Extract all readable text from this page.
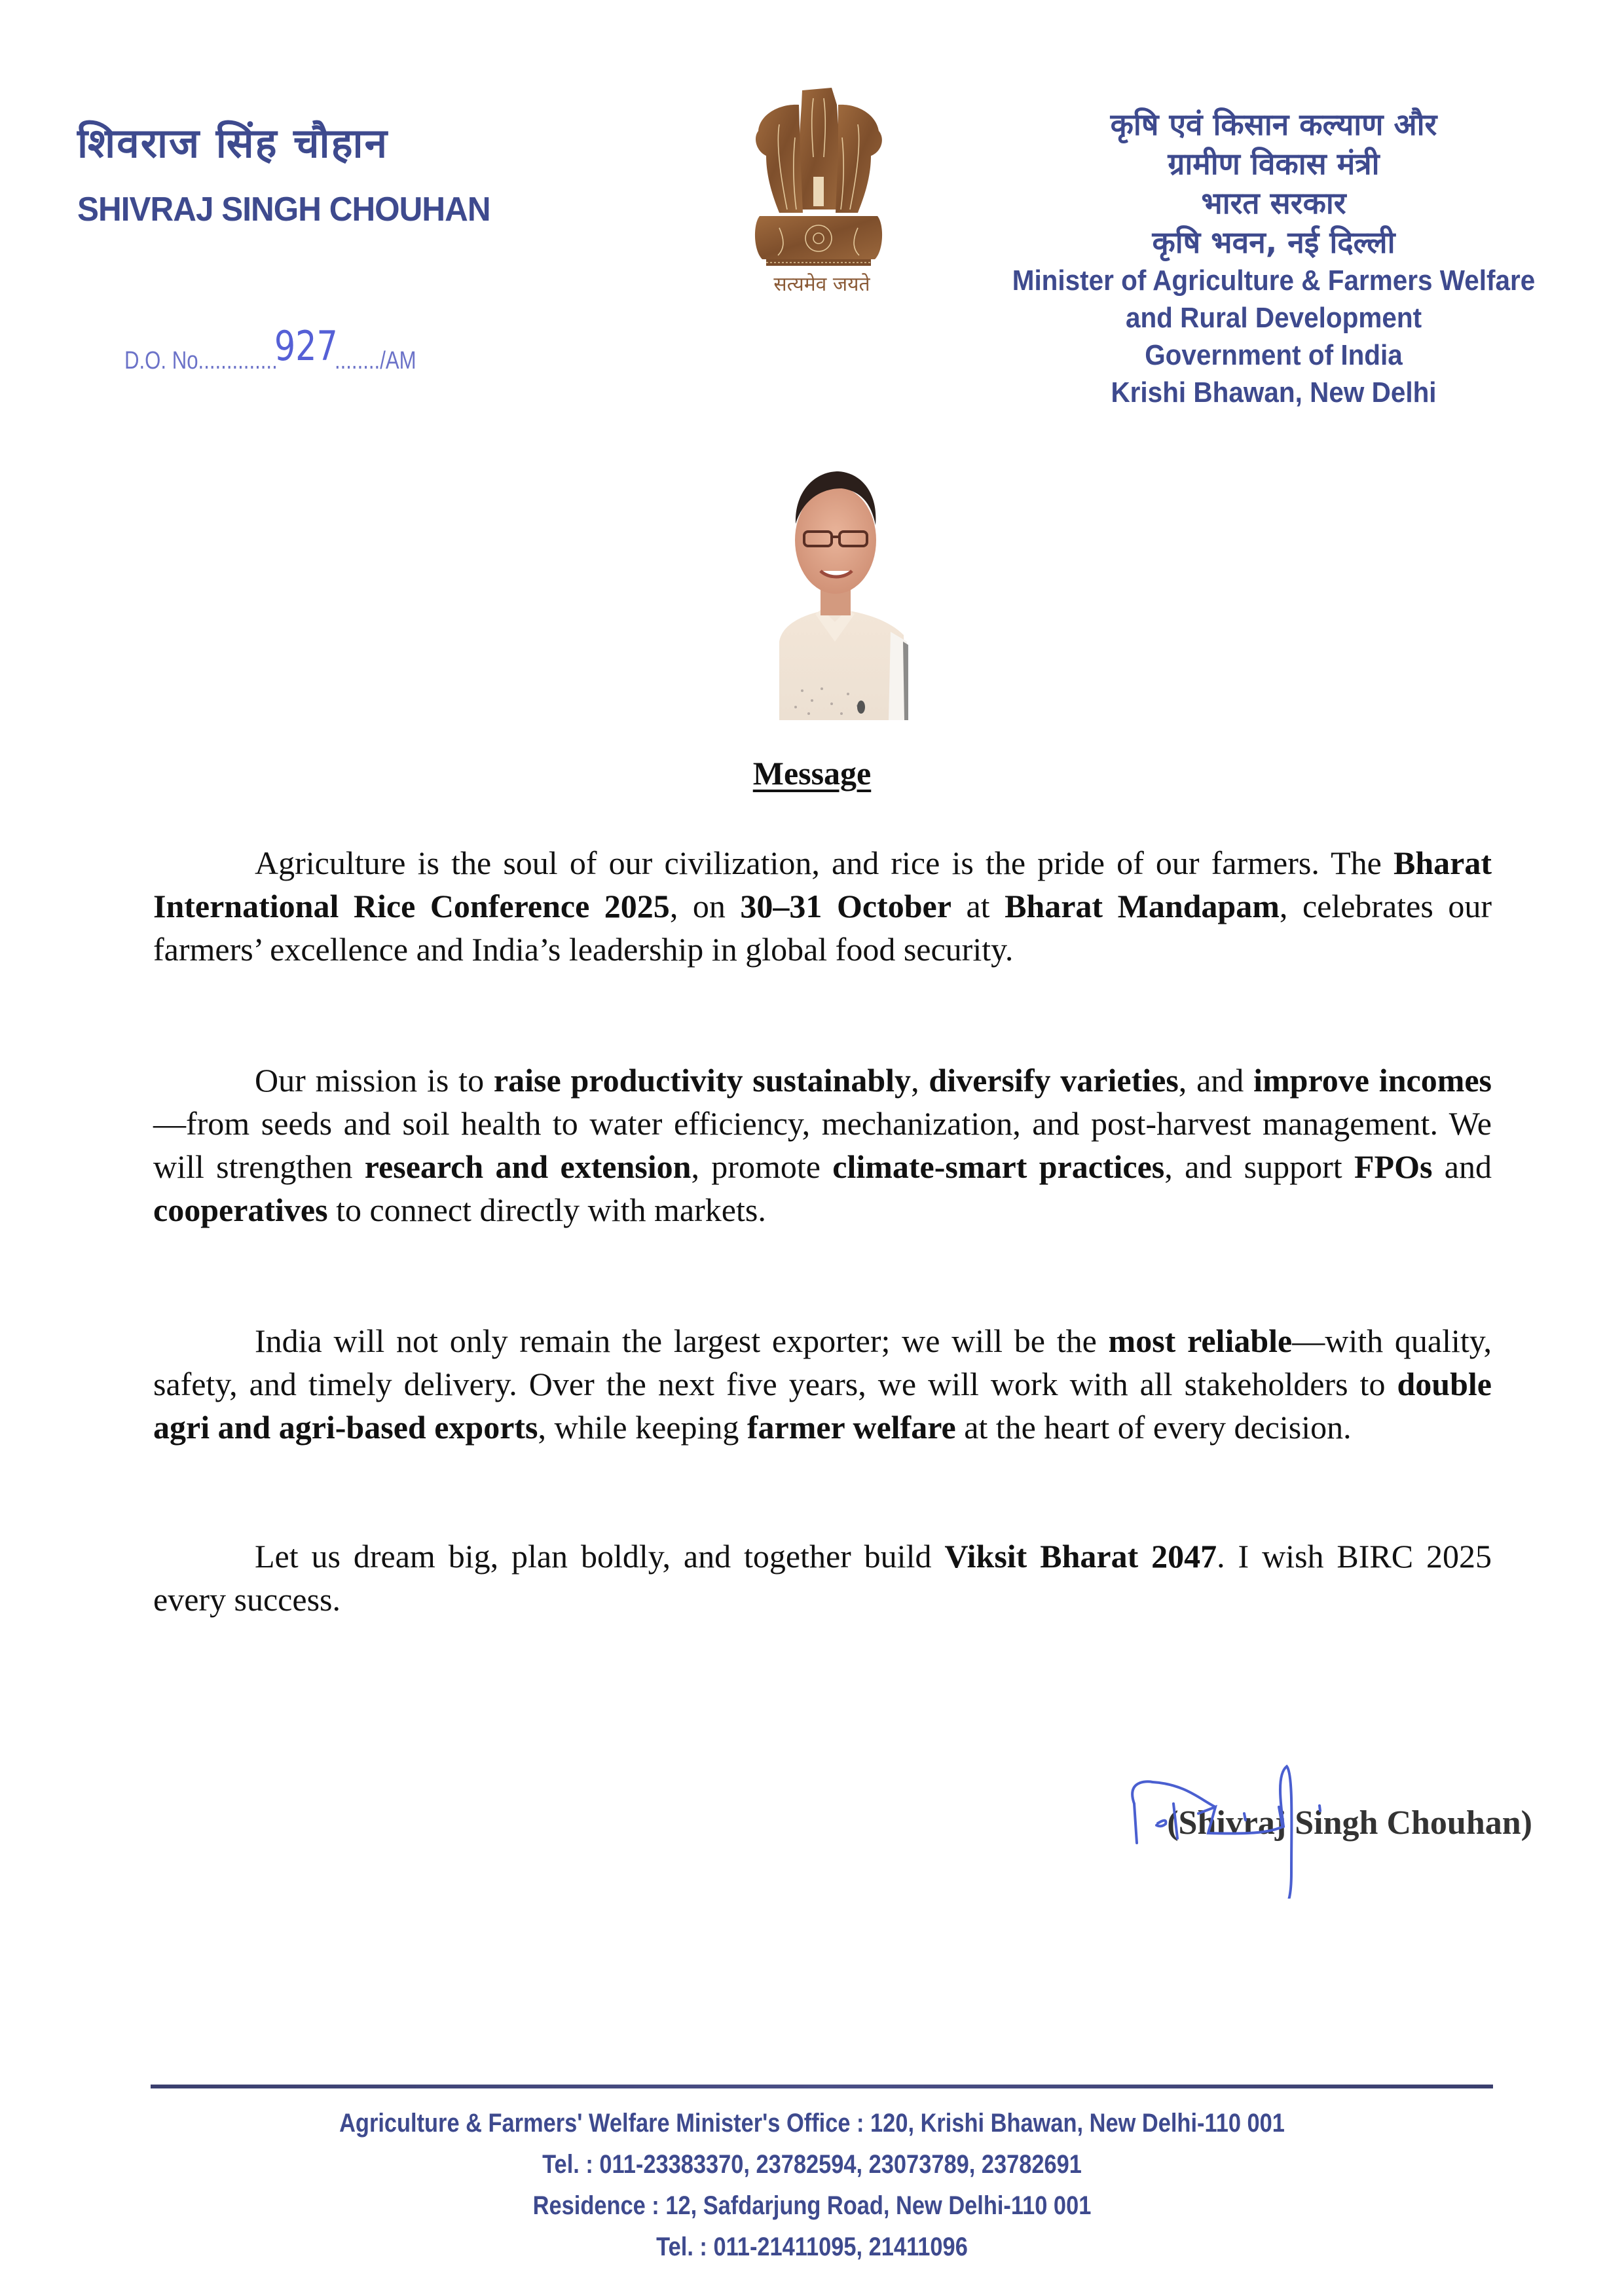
शिवराज सिंह चौहान
SHIVRAJ SINGH CHOUHAN
D.O. No ..............
927
........ /AM
सत्यमेव जयते
कृषि एवं किसान कल्याण और
ग्रामीण विकास मंत्री
भारत सरकार
कृषि भवन, नई दिल्ली
Minister of Agriculture & Farmers Welfare
and Rural Development
Government of India
Krishi Bhawan, New Delhi
Message

Agriculture is the soul of our civilization, and rice is the pride of our farmers. The Bharat International Rice Conference 2025, on 30–31 October at Bharat Mandapam, celebrates our farmers’ excellence and India’s leadership in global food security.

Our mission is to raise productivity sustainably, diversify varieties, and improve incomes—from seeds and soil health to water efficiency, mechanization, and post-harvest management. We will strengthen research and extension, promote climate-smart practices, and support FPOs and cooperatives to connect directly with markets.

India will not only remain the largest exporter; we will be the most reliable—with quality, safety, and timely delivery. Over the next five years, we will work with all stakeholders to double agri and agri-based exports, while keeping farmer welfare at the heart of every decision.

Let us dream big, plan boldly, and together build Viksit Bharat 2047. I wish BIRC 2025 every success.

(Shivraj Singh Chouhan)
Agriculture & Farmers' Welfare Minister's Office : 120, Krishi Bhawan, New Delhi-110 001
Tel. : 011-23383370, 23782594, 23073789, 23782691
Residence : 12, Safdarjung Road, New Delhi-110 001
Tel. : 011-21411095, 21411096
